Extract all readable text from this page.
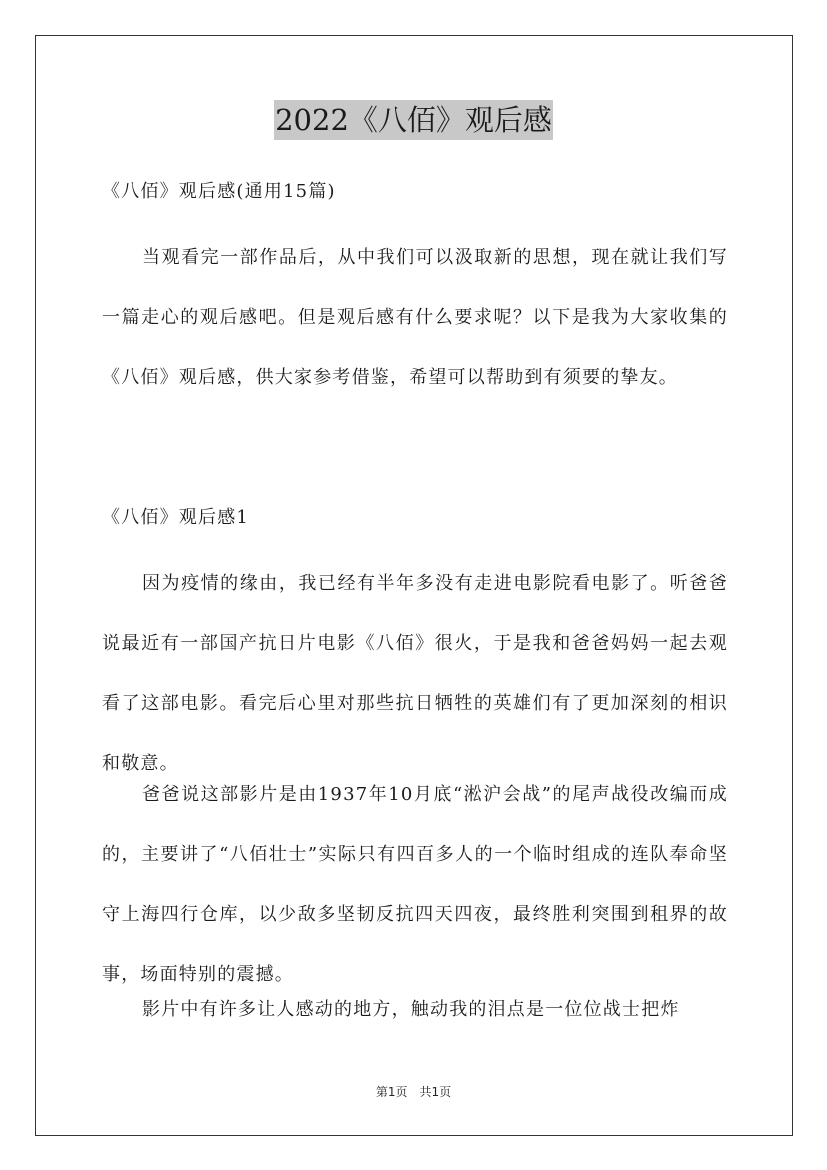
2022《八佰》观后感
《八佰》观后感(通用15篇)
当观看完一部作品后，从中我们可以汲取新的思想，现在就让我们写一篇走心的观后感吧。但是观后感有什么要求呢？以下是我为大家收集的《八佰》观后感，供大家参考借鉴，希望可以帮助到有须要的挚友。
《八佰》观后感1
因为疫情的缘由，我已经有半年多没有走进电影院看电影了。听爸爸说最近有一部国产抗日片电影《八佰》很火，于是我和爸爸妈妈一起去观看了这部电影。看完后心里对那些抗日牺牲的英雄们有了更加深刻的相识和敬意。
爸爸说这部影片是由1937年10月底“淞沪会战”的尾声战役改编而成的，主要讲了“八佰壮士”实际只有四百多人的一个临时组成的连队奉命坚守上海四行仓库，以少敌多坚韧反抗四天四夜，最终胜利突围到租界的故事，场面特别的震撼。
影片中有许多让人感动的地方，触动我的泪点是一位位战士把炸
第1页　共1页
